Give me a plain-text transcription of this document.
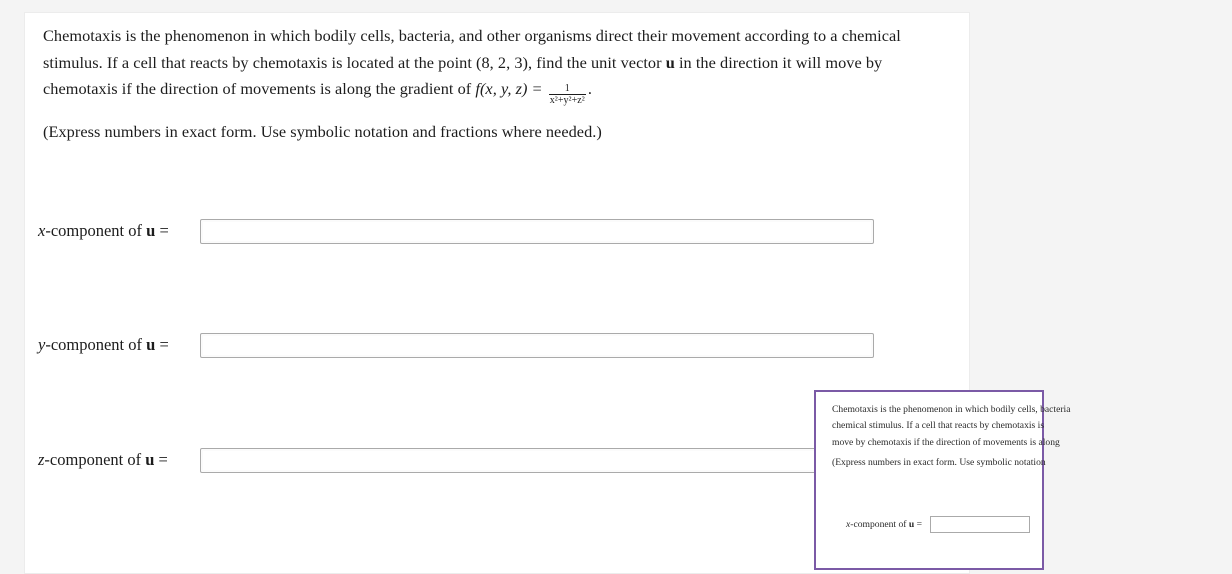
Chemotaxis is the phenomenon in which bodily cells, bacteria, and other organisms direct their movement according to a chemical stimulus. If a cell that reacts by chemotaxis is located at the point (8, 2, 3), find the unit vector u in the direction it will move by chemotaxis if the direction of movements is along the gradient of f(x, y, $z) = \frac{1}{\text{x²+y²+z²}}$ .

(Express numbers in exact form. Use symbolic notation and fractions where needed.)

x-component of u =
y-component of u =
z-component of u =

Chemotaxis is the phenomenon in which bodily cells, bacteria

chemical stimulus. If a cell that reacts by chemotaxis is

move by chemotaxis if the direction of movements is along

(Express numbers in exact form. Use symbolic notation

x-component of u =
